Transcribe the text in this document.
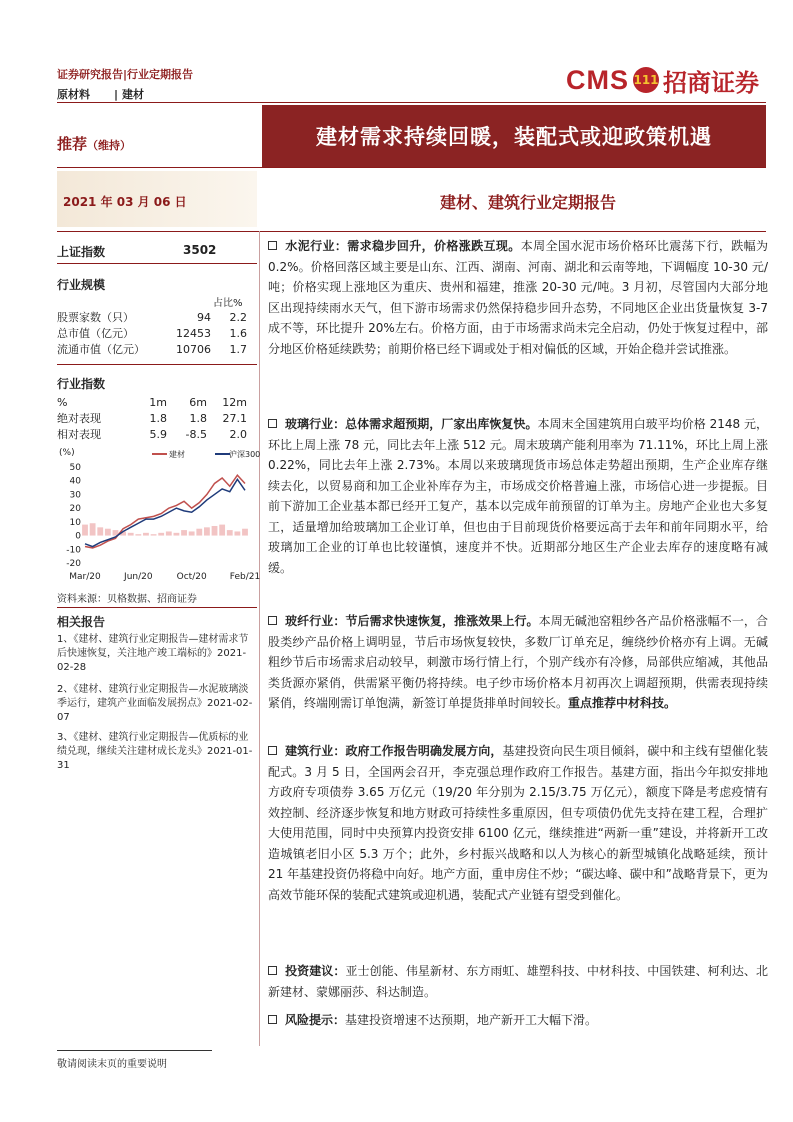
证券研究报告|行业定期报告
原材料 | 建材	CMS 111 招商证券
推荐（维持）	建材需求持续回暖，装配式或迎政策机遇
2021 年 03 月 06 日	建材、建筑行业定期报告
上证指数	3502
行业规模
占比%
股票家数（只）	94	2.2
总市值（亿元）	12453	1.6
流通市值（亿元）	10706	1.7
行业指数
%	1m	6m	12m
绝对表现	1.8	1.8	27.1
相对表现	5.9	-8.5	2.0
(%)	建材	沪深300
50
40
30
20
10
0
-10
-20
Mar/20	Jun/20	Oct/20	Feb/21
资料来源：贝格数据、招商证券
相关报告
1、《建材、建筑行业定期报告—建材需求节后快速恢复，关注地产竣工端标的》2021-02-28
2、《建材、建筑行业定期报告—水泥玻璃淡季运行，建筑产业面临发展拐点》2021-02-07
3、《建材、建筑行业定期报告—优质标的业绩兑现，继续关注建材成长龙头》2021-01-31
水泥行业：需求稳步回升，价格涨跌互现。本周全国水泥市场价格环比震荡下行，跌幅为 0.2%。价格回落区域主要是山东、江西、湖南、河南、湖北和云南等地，下调幅度 10-30 元/吨；价格实现上涨地区为重庆、贵州和福建，推涨 20-30 元/吨。3 月初，尽管国内大部分地区出现持续雨水天气，但下游市场需求仍然保持稳步回升态势，不同地区企业出货量恢复 3-7 成不等，环比提升 20%左右。价格方面，由于市场需求尚未完全启动，仍处于恢复过程中，部分地区价格延续跌势；前期价格已经下调或处于相对偏低的区域，开始企稳并尝试推涨。
玻璃行业：总体需求超预期，厂家出库恢复快。本周末全国建筑用白玻平均价格 2148 元，环比上周上涨 78 元，同比去年上涨 512 元。周末玻璃产能利用率为 71.11%，环比上周上涨 0.22%，同比去年上涨 2.73%。本周以来玻璃现货市场总体走势超出预期，生产企业库存继续去化，以贸易商和加工企业补库存为主，市场成交价格普遍上涨，市场信心进一步提振。目前下游加工企业基本都已经开工复产，基本以完成年前预留的订单为主。房地产企业也大多复工，适量增加给玻璃加工企业订单，但也由于目前现货价格要远高于去年和前年同期水平，给玻璃加工企业的订单也比较谨慎，速度并不快。近期部分地区生产企业去库存的速度略有减缓。
玻纤行业：节后需求快速恢复，推涨效果上行。本周无碱池窑粗纱各产品价格涨幅不一，合股类纱产品价格上调明显，节后市场恢复较快，多数厂订单充足，缠绕纱价格亦有上调。无碱粗纱节后市场需求启动较早，刺激市场行情上行，个别产线亦有冷修，局部供应缩减，其他品类货源亦紧俏，供需紧平衡仍将持续。电子纱市场价格本月初再次上调超预期，供需表现持续紧俏，终端刚需订单饱满，新签订单提货排单时间较长。重点推荐中材科技。
建筑行业：政府工作报告明确发展方向，基建投资向民生项目倾斜，碳中和主线有望催化装配式。3 月 5 日，全国两会召开，李克强总理作政府工作报告。基建方面，指出今年拟安排地方政府专项债券 3.65 万亿元（19/20 年分别为 2.15/3.75 万亿元），额度下降是考虑疫情有效控制、经济逐步恢复和地方财政可持续性多重原因，但专项债仍优先支持在建工程，合理扩大使用范围，同时中央预算内投资安排 6100 亿元，继续推进“两新一重”建设，并将新开工改造城镇老旧小区 5.3 万个；此外，乡村振兴战略和以人为核心的新型城镇化战略延续，预计 21 年基建投资仍将稳中向好。地产方面，重申房住不炒；“碳达峰、碳中和”战略背景下，更为高效节能环保的装配式建筑或迎机遇，装配式产业链有望受到催化。
投资建议：亚士创能、伟星新材、东方雨虹、雄塑科技、中材科技、中国铁建、柯利达、北新建材、蒙娜丽莎、科达制造。
风险提示：基建投资增速不达预期，地产新开工大幅下滑。
敬请阅读末页的重要说明
